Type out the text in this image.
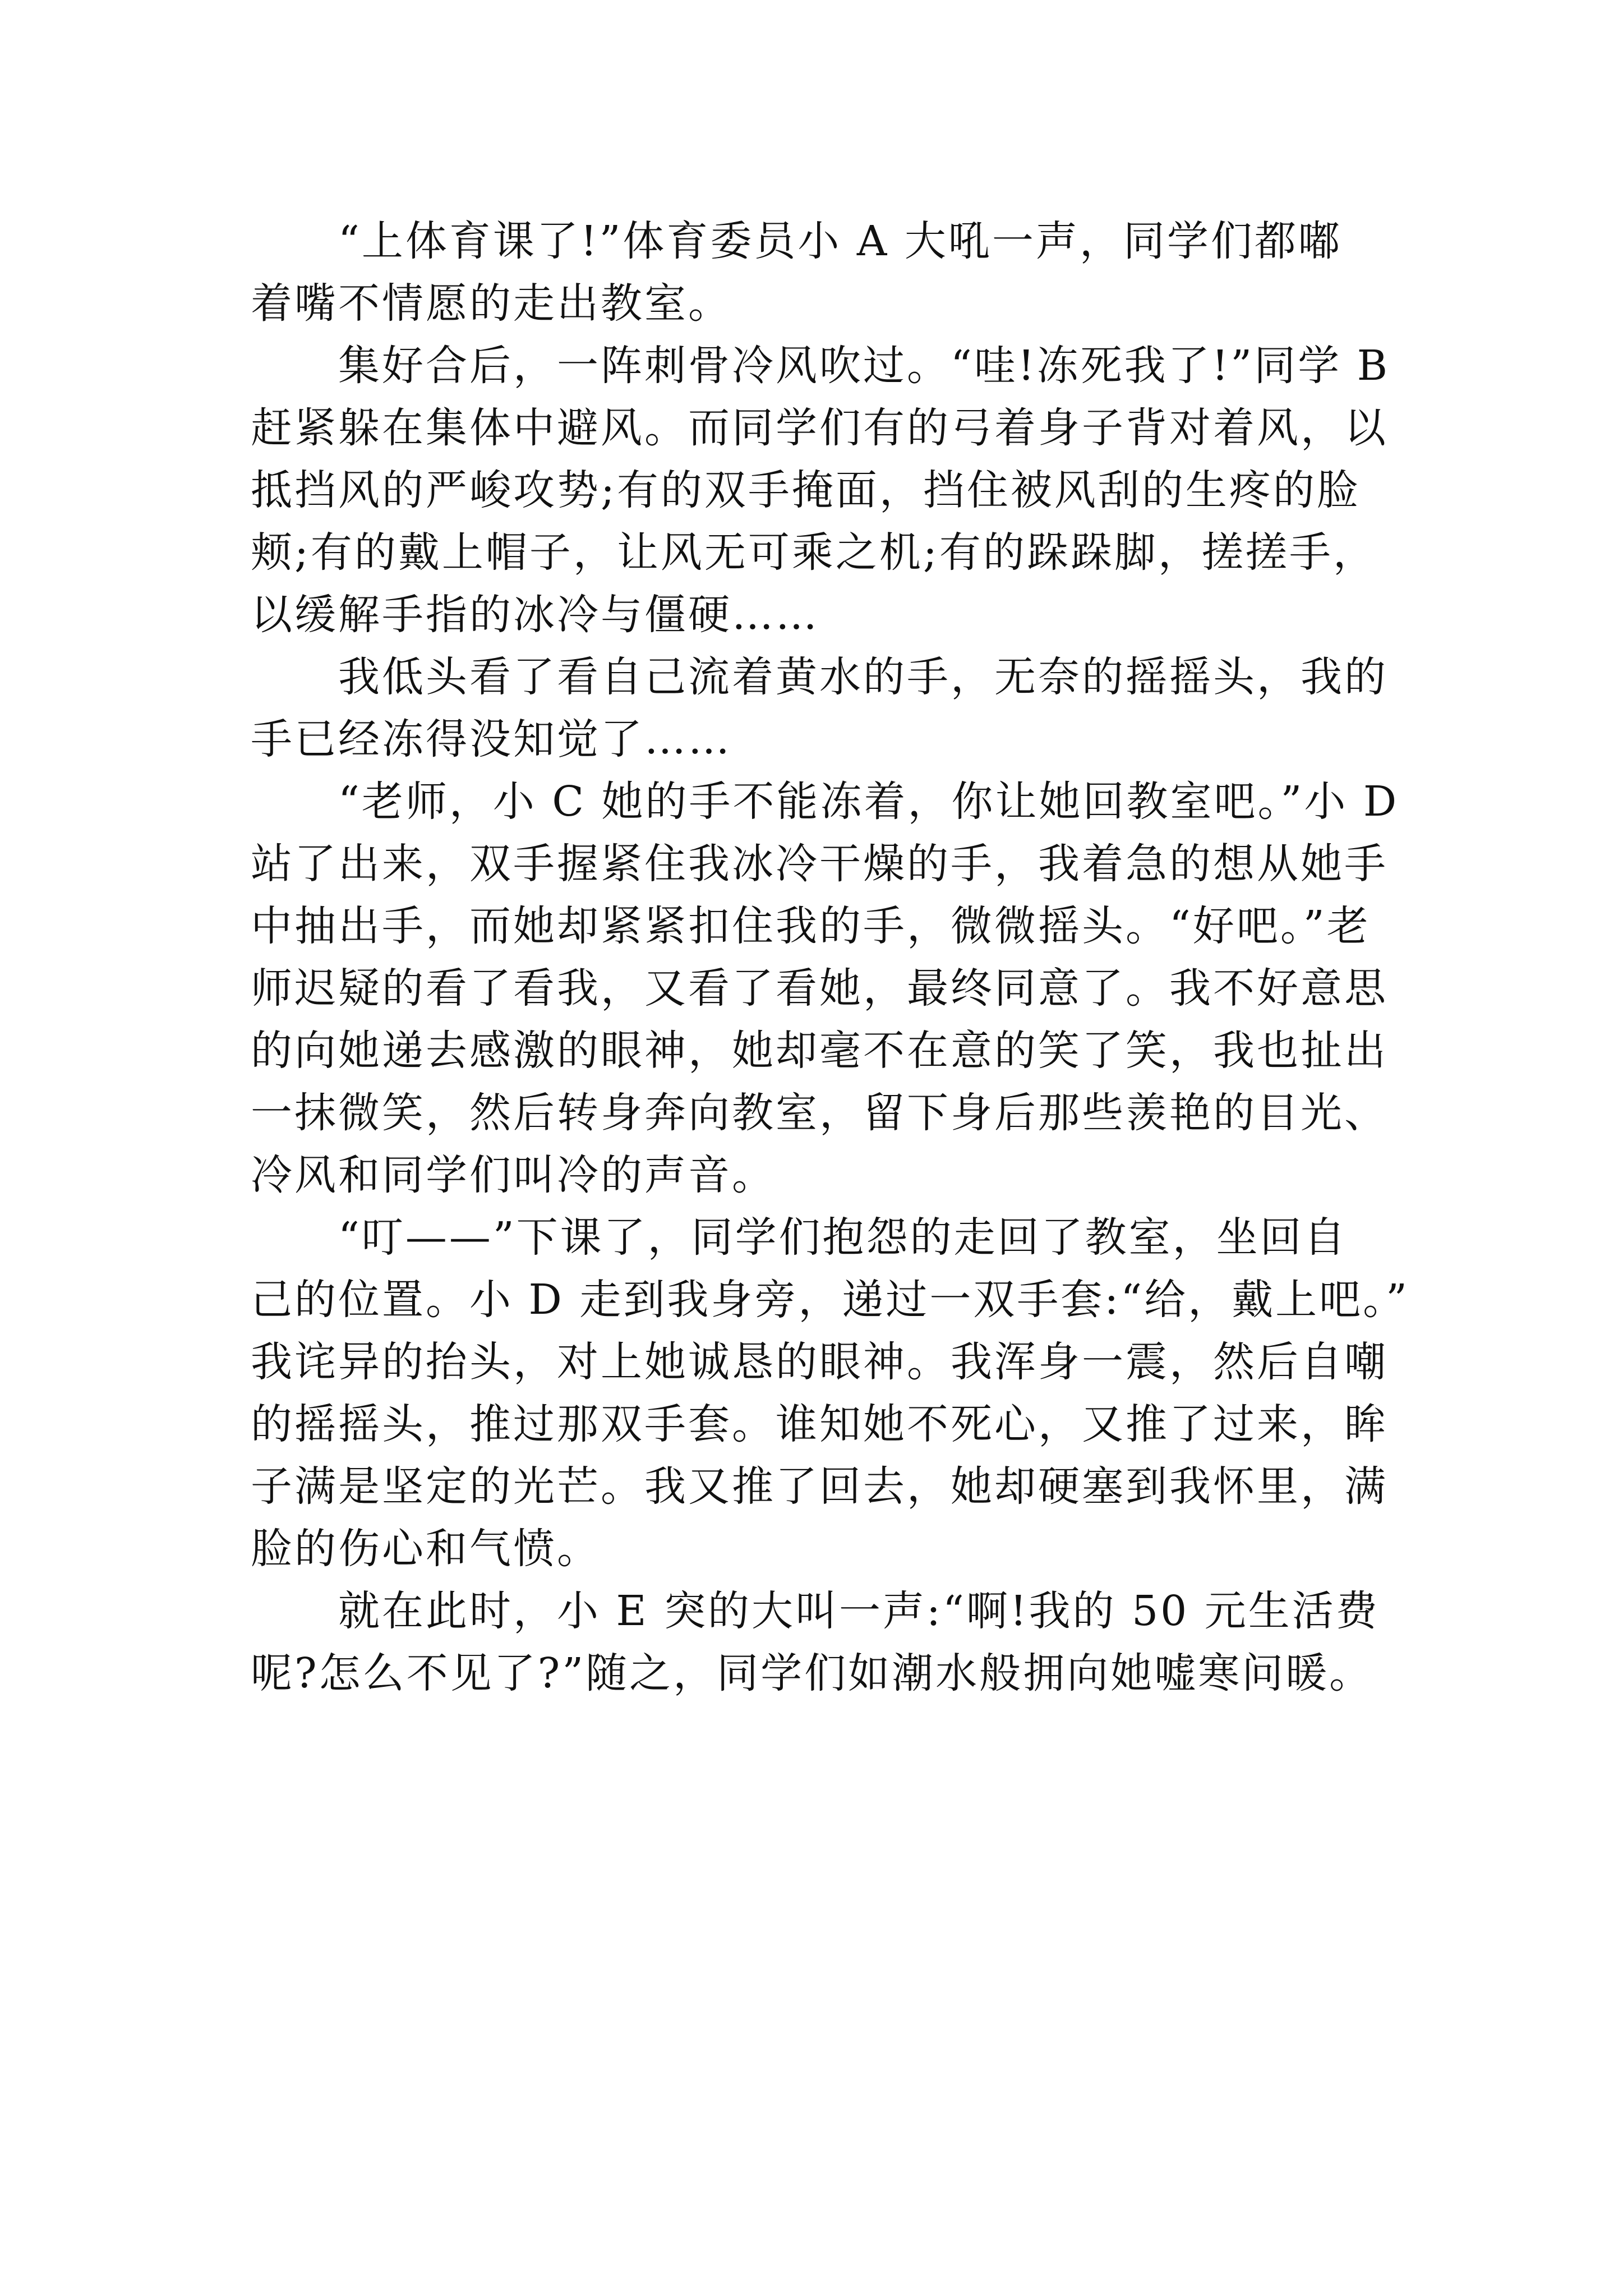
　　“上体育课了!”体育委员小 A 大吼一声，同学们都嘟
着嘴不情愿的走出教室。
　　集好合后，一阵刺骨冷风吹过。“哇!冻死我了!”同学 B
赶紧躲在集体中避风。而同学们有的弓着身子背对着风，以
抵挡风的严峻攻势;有的双手掩面，挡住被风刮的生疼的脸
颊;有的戴上帽子，让风无可乘之机;有的跺跺脚，搓搓手，
以缓解手指的冰冷与僵硬……
　　我低头看了看自己流着黄水的手，无奈的摇摇头，我的
手已经冻得没知觉了……
　　“老师，小 C 她的手不能冻着，你让她回教室吧。”小 D
站了出来，双手握紧住我冰冷干燥的手，我着急的想从她手
中抽出手，而她却紧紧扣住我的手，微微摇头。“好吧。”老
师迟疑的看了看我，又看了看她，最终同意了。我不好意思
的向她递去感激的眼神，她却毫不在意的笑了笑，我也扯出
一抹微笑，然后转身奔向教室，留下身后那些羡艳的目光、
冷风和同学们叫冷的声音。
　　“叮——”下课了，同学们抱怨的走回了教室，坐回自
己的位置。小 D 走到我身旁，递过一双手套:“给，戴上吧。”
我诧异的抬头，对上她诚恳的眼神。我浑身一震，然后自嘲
的摇摇头，推过那双手套。谁知她不死心，又推了过来，眸
子满是坚定的光芒。我又推了回去，她却硬塞到我怀里，满
脸的伤心和气愤。
　　就在此时，小 E 突的大叫一声:“啊!我的 50 元生活费
呢?怎么不见了?”随之，同学们如潮水般拥向她嘘寒问暖。
